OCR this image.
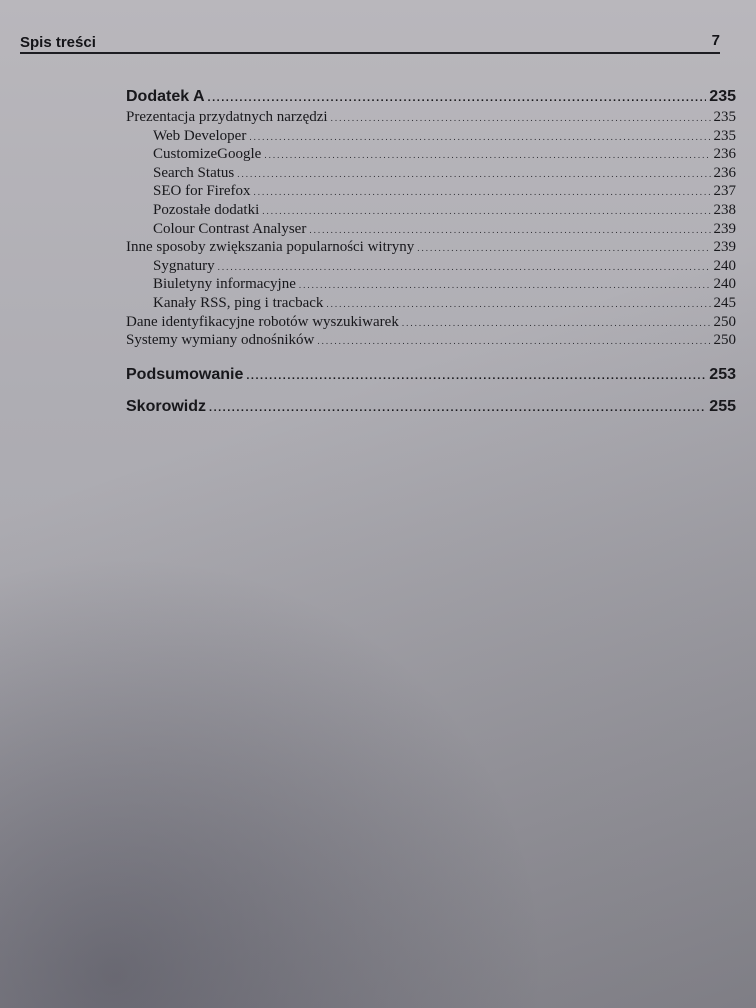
Spis treści	7
Dodatek A .....	235
Prezentacja przydatnych narzędzi .....	235
Web Developer .....	235
CustomizeGoogle .....	236
Search Status .....	236
SEO for Firefox .....	237
Pozostałe dodatki .....	238
Colour Contrast Analyser .....	239
Inne sposoby zwiększania popularności witryny .....	239
Sygnatury .....	240
Biuletyny informacyjne .....	240
Kanały RSS, ping i tracback .....	245
Dane identyfikacyjne robotów wyszukiwarek .....	250
Systemy wymiany odnośników .....	250
Podsumowanie .....	253
Skorowidz .....	255
